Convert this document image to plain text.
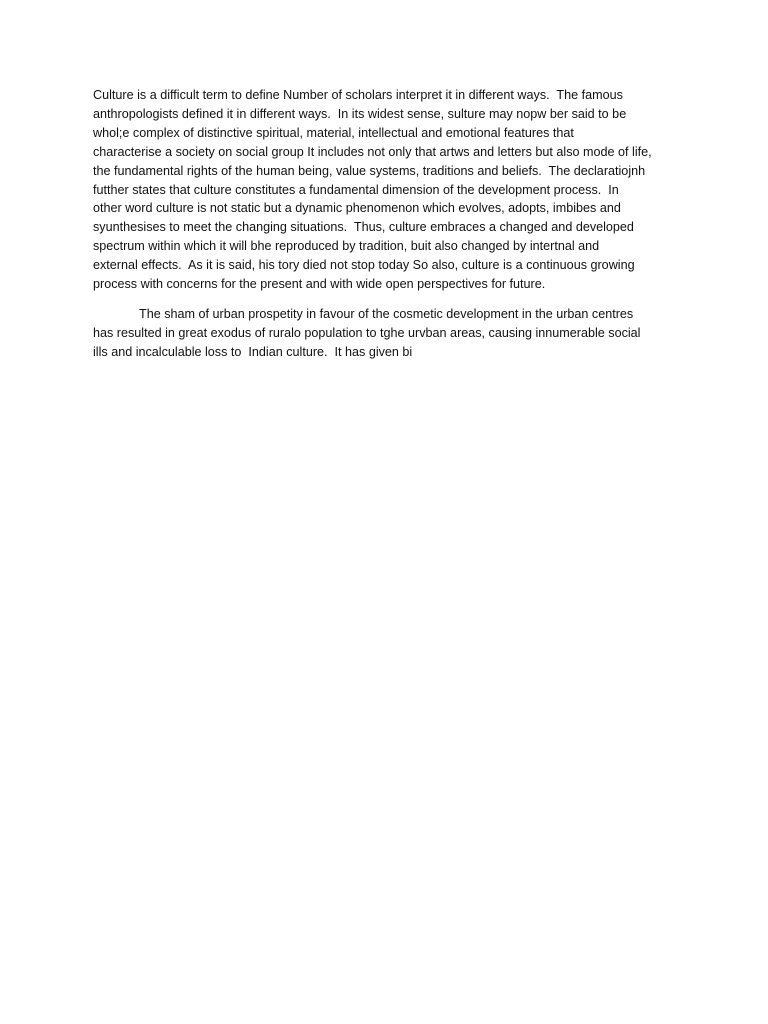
Culture is a difficult term to define Number of scholars interpret it in different ways.  The famous
anthropologists defined it in different ways.  In its widest sense, sulture may nopw ber said to be
whol;e complex of distinctive spiritual, material, intellectual and emotional features that
characterise a society on social group It includes not only that artws and letters but also mode of life,
the fundamental rights of the human being, value systems, traditions and beliefs.  The declaratiojnh
futther states that culture constitutes a fundamental dimension of the development process.  In
other word culture is not static but a dynamic phenomenon which evolves, adopts, imbibes and
syunthesises to meet the changing situations.  Thus, culture embraces a changed and developed
spectrum within which it will bhe reproduced by tradition, buit also changed by intertnal and
external effects.  As it is said, his tory died not stop today So also, culture is a continuous growing
process with concerns for the present and with wide open perspectives for future.
The sham of urban prospetity in favour of the cosmetic development in the urban centres
has resulted in great exodus of ruralo population to tghe urvban areas, causing innumerable social
ills and incalculable loss to  Indian culture.  It has given bi
